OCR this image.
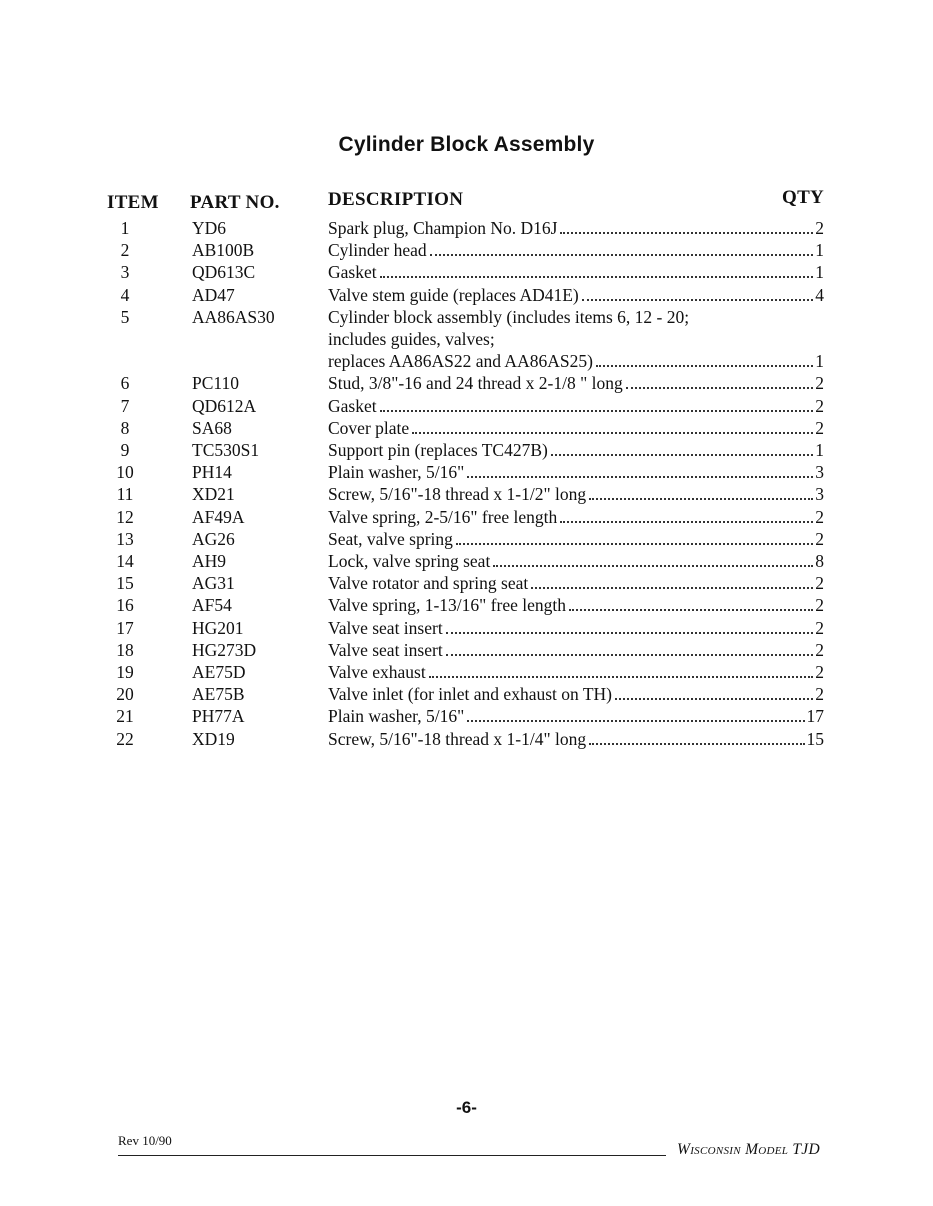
Cylinder Block Assembly
ITEM PART NO.	DESCRIPTION	QTY
1		YD6	Spark plug, Champion No. D16J 2

2		AB100B	Cylinder head 1

3		QD613C	Gasket 1

4		AD47	Valve stem guide (replaces AD41E) 4

5		AA86AS30	Cylinder block assembly (includes items 6, 12 - 20;

			includes guides, valves;

			replaces AA86AS22 and AA86AS25) 1

6		PC110	Stud, 3/8"-16 and 24 thread x 2-1/8 " long 2

7		QD612A	Gasket 2

8		SA68	Cover plate 2

9		TC530S1	Support pin (replaces TC427B) 1

10		PH14	Plain washer, 5/16" 3

11		XD21	Screw, 5/16"-18 thread x 1-1/2" long 3

12		AF49A	Valve spring, 2-5/16" free length 2

13		AG26	Seat, valve spring 2

14		AH9	Lock, valve spring seat 8

15		AG31	Valve rotator and spring seat 2

16		AF54	Valve spring, 1-13/16" free length 2

17		HG201	Valve seat insert 2

18		HG273D	Valve seat insert 2

19		AE75D	Valve exhaust 2

20		AE75B	Valve inlet (for inlet and exhaust on TH) 2

21		PH77A	Plain washer, 5/16" 17

22		XD19	Screw, 5/16"-18 thread x 1-1/4" long 15
-6-
Rev 10/90
Wisconsin Model TJD
